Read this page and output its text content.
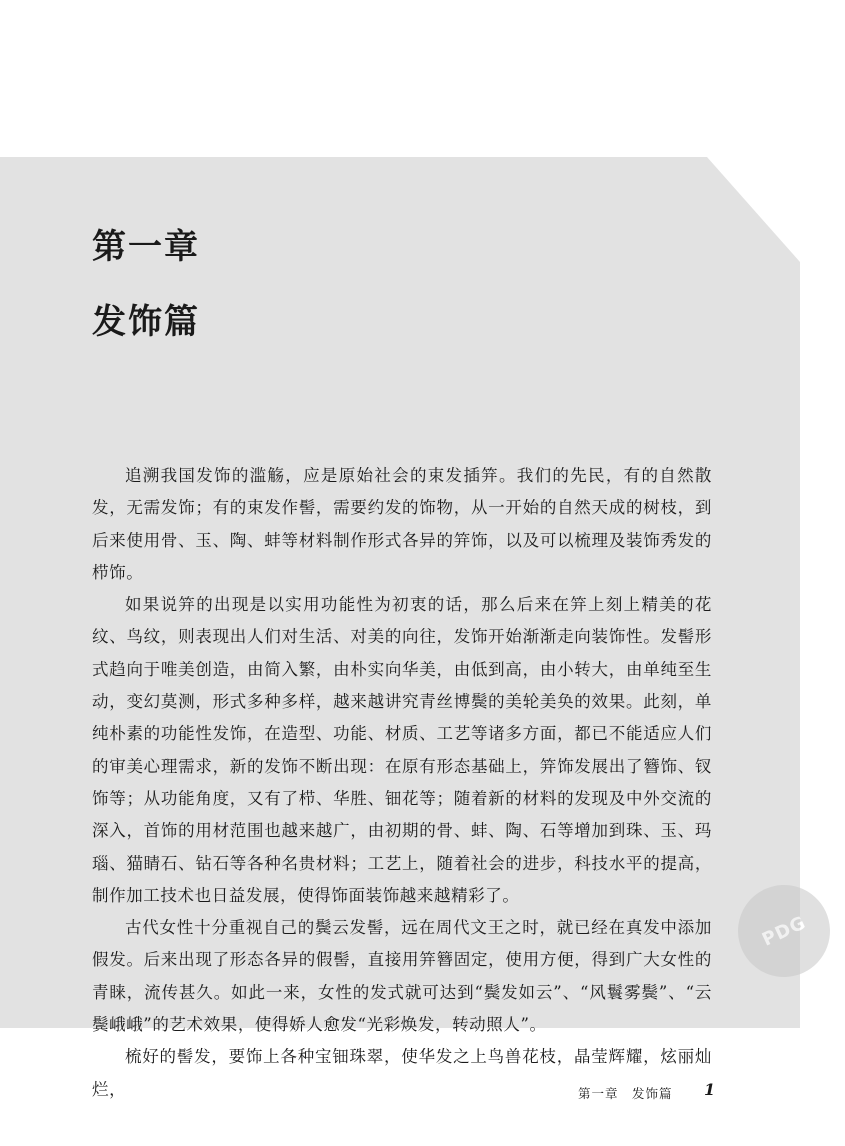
第一章
发饰篇

追溯我国发饰的滥觞，应是原始社会的束发插笄。我们的先民，有的自然散发，无需发饰；有的束发作髻，需要约发的饰物，从一开始的自然天成的树枝，到后来使用骨、玉、陶、蚌等材料制作形式各异的笄饰，以及可以梳理及装饰秀发的栉饰。

如果说笄的出现是以实用功能性为初衷的话，那么后来在笄上刻上精美的花纹、鸟纹，则表现出人们对生活、对美的向往，发饰开始渐渐走向装饰性。发髻形式趋向于唯美创造，由简入繁，由朴实向华美，由低到高，由小转大，由单纯至生动，变幻莫测，形式多种多样，越来越讲究青丝博鬓的美轮美奂的效果。此刻，单纯朴素的功能性发饰，在造型、功能、材质、工艺等诸多方面，都已不能适应人们的审美心理需求，新的发饰不断出现：在原有形态基础上，笄饰发展出了簪饰、钗饰等；从功能角度，又有了栉、华胜、钿花等；随着新的材料的发现及中外交流的深入，首饰的用材范围也越来越广，由初期的骨、蚌、陶、石等增加到珠、玉、玛瑙、猫睛石、钻石等各种名贵材料；工艺上，随着社会的进步，科技水平的提高，制作加工技术也日益发展，使得饰面装饰越来越精彩了。

古代女性十分重视自己的鬓云发髻，远在周代文王之时，就已经在真发中添加假发。后来出现了形态各异的假髻，直接用笄簪固定，使用方便，得到广大女性的青睐，流传甚久。如此一来，女性的发式就可达到“鬓发如云”、“风鬟雾鬓”、“云鬓峨峨”的艺术效果，使得娇人愈发“光彩焕发，转动照人”。

梳好的髻发，要饰上各种宝钿珠翠，使华发之上鸟兽花枝，晶莹辉耀，炫丽灿烂，

PDG
第一章　发饰篇 1
